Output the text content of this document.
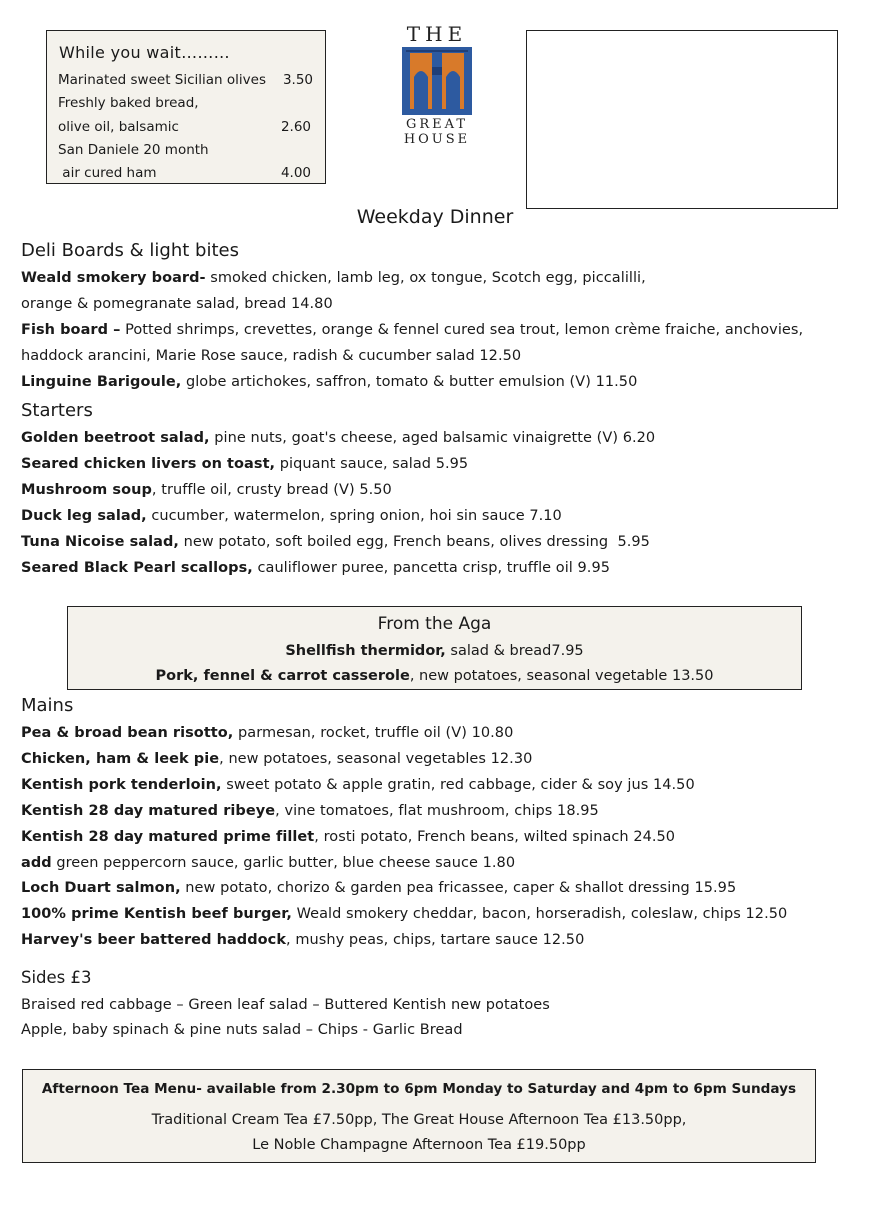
While you wait………
Marinated sweet Sicilian olives 3.50
Freshly baked bread,
olive oil, balsamic	2.60
San Daniele 20 month
air cured ham	4.00
THE
GREAT
HOUSE
Weekday Dinner
Deli Boards & light bites
Weald smokery board- smoked chicken, lamb leg, ox tongue, Scotch egg, piccalilli,
orange & pomegranate salad, bread 14.80
Fish board – Potted shrimps, crevettes, orange & fennel cured sea trout, lemon crème fraiche, anchovies,
haddock arancini, Marie Rose sauce, radish & cucumber salad 12.50
Linguine Barigoule, globe artichokes, saffron, tomato & butter emulsion (V) 11.50
Starters
Golden beetroot salad, pine nuts, goat's cheese, aged balsamic vinaigrette (V) 6.20
Seared chicken livers on toast, piquant sauce, salad 5.95
Mushroom soup, truffle oil, crusty bread (V) 5.50
Duck leg salad, cucumber, watermelon, spring onion, hoi sin sauce 7.10
Tuna Nicoise salad, new potato, soft boiled egg, French beans, olives dressing  5.95
Seared Black Pearl scallops, cauliflower puree, pancetta crisp, truffle oil 9.95
From the Aga
Shellfish thermidor, salad & bread7.95
Pork, fennel & carrot casserole, new potatoes, seasonal vegetable 13.50
Mains
Pea & broad bean risotto, parmesan, rocket, truffle oil (V) 10.80
Chicken, ham & leek pie, new potatoes, seasonal vegetables 12.30
Kentish pork tenderloin, sweet potato & apple gratin, red cabbage, cider & soy jus 14.50
Kentish 28 day matured ribeye, vine tomatoes, flat mushroom, chips 18.95
Kentish 28 day matured prime fillet, rosti potato, French beans, wilted spinach 24.50
add green peppercorn sauce, garlic butter, blue cheese sauce 1.80
Loch Duart salmon, new potato, chorizo & garden pea fricassee, caper & shallot dressing 15.95
100% prime Kentish beef burger, Weald smokery cheddar, bacon, horseradish, coleslaw, chips 12.50
Harvey's beer battered haddock, mushy peas, chips, tartare sauce 12.50
Sides £3
Braised red cabbage – Green leaf salad – Buttered Kentish new potatoes
Apple, baby spinach & pine nuts salad – Chips - Garlic Bread
Afternoon Tea Menu- available from 2.30pm to 6pm Monday to Saturday and 4pm to 6pm Sundays
Traditional Cream Tea £7.50pp, The Great House Afternoon Tea £13.50pp,
Le Noble Champagne Afternoon Tea £19.50pp
